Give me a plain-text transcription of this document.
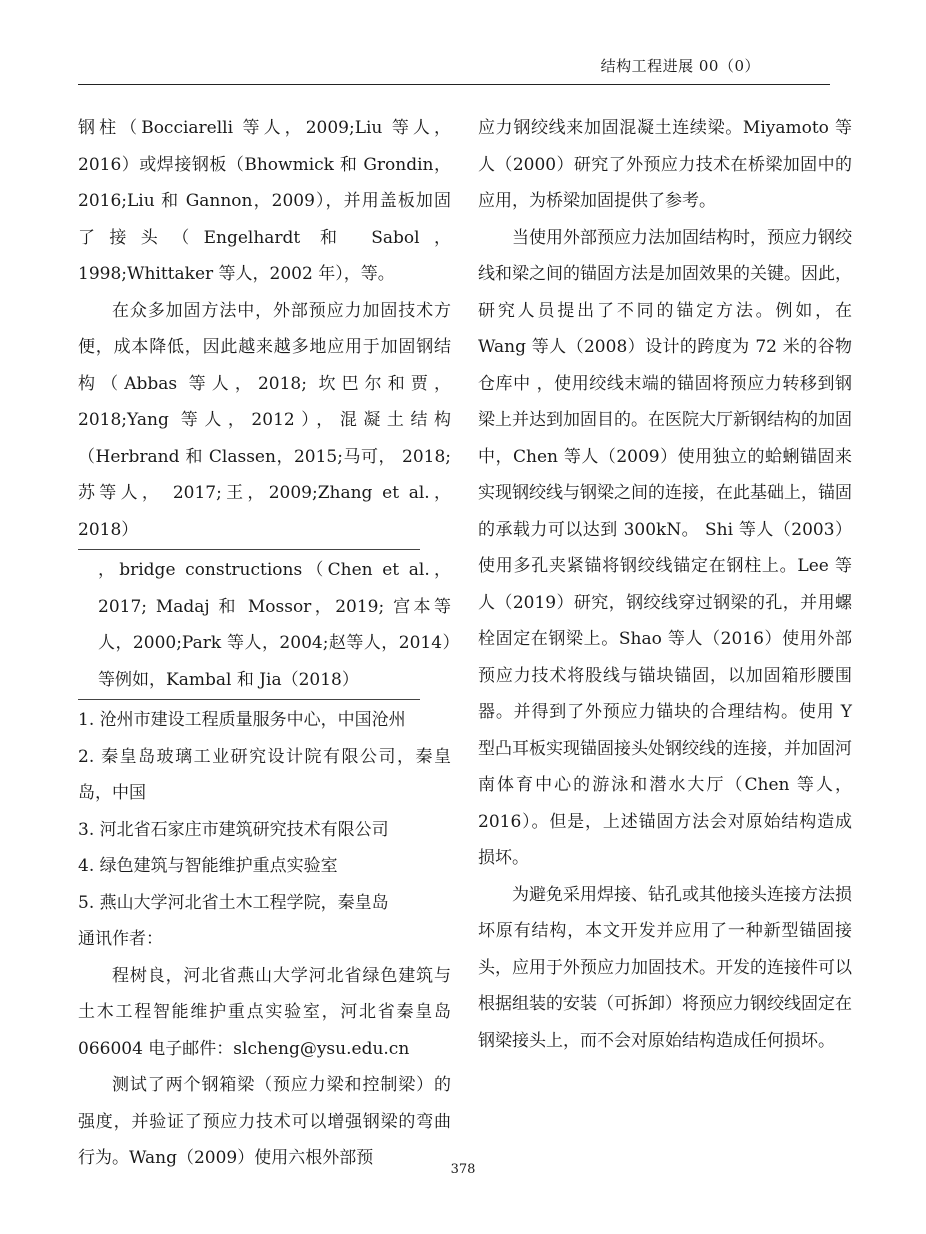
结构工程进展 00（0）

钢柱（Bocciarelli 等人，2009;Liu 等人，2016）或焊接钢板（Bhowmick 和 Grondin，2016;Liu 和 Gannon，2009），并用盖板加固了接头（Engelhardt 和 Sabol，1998;Whittaker 等人，2002 年），等。

在众多加固方法中，外部预应力加固技术方便，成本降低，因此越来越多地应用于加固钢结构（Abbas 等人，2018; 坎巴尔和贾，2018;Yang 等人，2012），混凝土结构（Herbrand 和 Classen，2015;马可， 2018;苏等人， 2017;王，2009;Zhang et al.，2018）

，bridge constructions（Chen et al.，2017; Madaj 和 Mossor，2019; 宫本等人，2000;Park 等人，2004;赵等人，2014）等例如，Kambal 和 Jia（2018）

1. 沧州市建设工程质量服务中心，中国沧州

2. 秦皇岛玻璃工业研究设计院有限公司，秦皇岛，中国

3. 河北省石家庄市建筑研究技术有限公司

4. 绿色建筑与智能维护重点实验室

5. 燕山大学河北省土木工程学院，秦皇岛

通讯作者：

程树良，河北省燕山大学河北省绿色建筑与土木工程智能维护重点实验室，河北省秦皇岛 066004 电子邮件：slcheng@ysu.edu.cn

测试了两个钢箱梁（预应力梁和控制梁）的强度，并验证了预应力技术可以增强钢梁的弯曲行为。Wang（2009）使用六根外部预

应力钢绞线来加固混凝土连续梁。Miyamoto 等人（2000）研究了外预应力技术在桥梁加固中的应用，为桥梁加固提供了参考。

当使用外部预应力法加固结构时，预应力钢绞线和梁之间的锚固方法是加固效果的关键。因此，研究人员提出了不同的锚定方法。例如，在 Wang 等人（2008）设计的跨度为 72 米的谷物仓库中 ，使用绞线末端的锚固将预应力转移到钢梁上并达到加固目的。在医院大厅新钢结构的加固中，Chen 等人（2009）使用独立的蛤蜊锚固来实现钢绞线与钢梁之间的连接，在此基础上，锚固的承载力可以达到 300kN。 Shi 等人（2003）使用多孔夹紧锚将钢绞线锚定在钢柱上。Lee 等人（2019）研究，钢绞线穿过钢梁的孔，并用螺栓固定在钢梁上。Shao 等人（2016）使用外部预应力技术将股线与锚块锚固，以加固箱形腰围器。并得到了外预应力锚块的合理结构。使用 Y 型凸耳板实现锚固接头处钢绞线的连接，并加固河南体育中心的游泳和潜水大厅（Chen 等人，2016）。但是，上述锚固方法会对原始结构造成损坏。

为避免采用焊接、钻孔或其他接头连接方法损坏原有结构，本文开发并应用了一种新型锚固接头，应用于外预应力加固技术。开发的连接件可以根据组装的安装（可拆卸）将预应力钢绞线固定在钢梁接头上，而不会对原始结构造成任何损坏。

378
